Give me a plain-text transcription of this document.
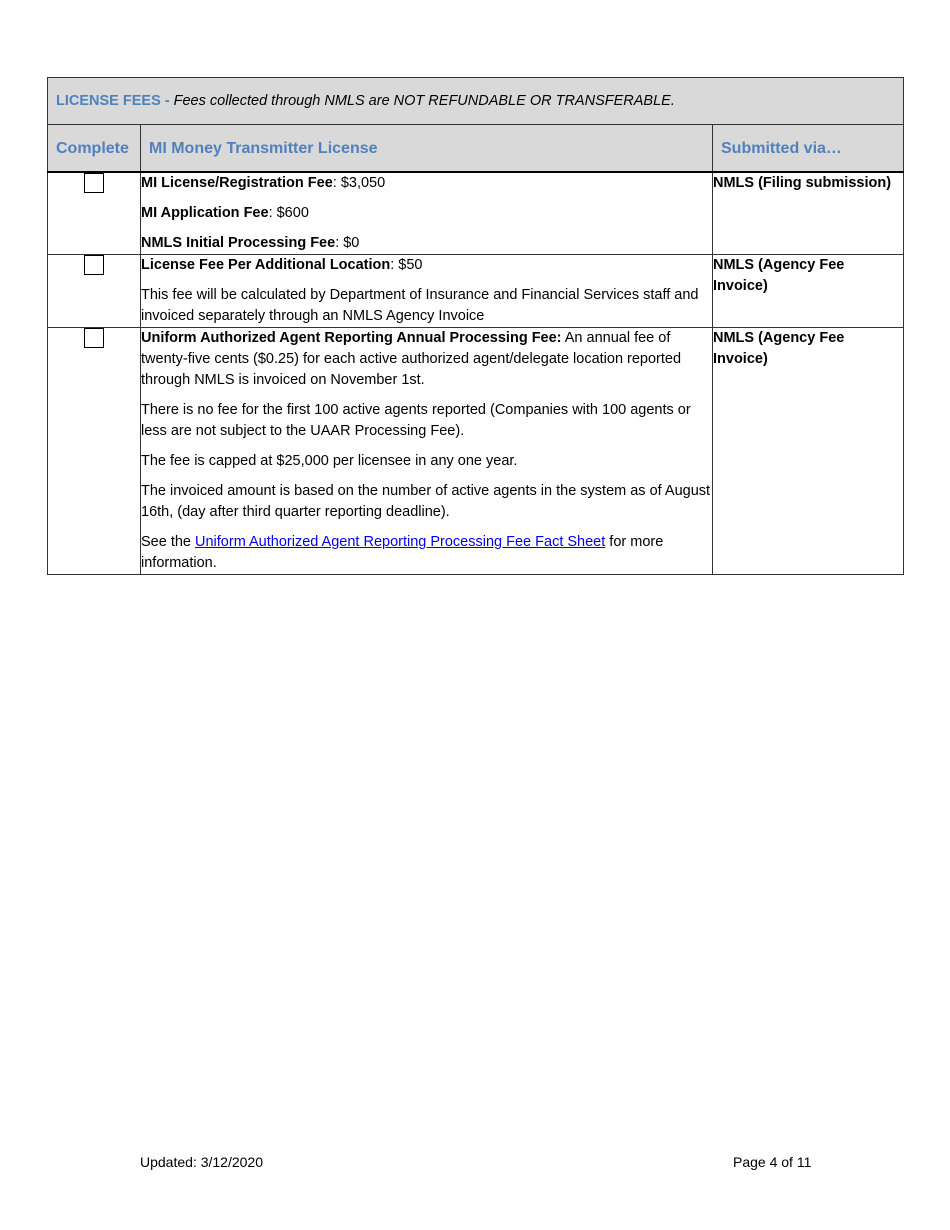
LICENSE FEES - Fees collected through NMLS are NOT REFUNDABLE OR TRANSFERABLE.		
Complete	MI Money Transmitter License	Submitted via…

	MI License/Registration Fee: $3,050

MI Application Fee: $600

NMLS Initial Processing Fee: $0	NMLS (Filing submission)

	License Fee Per Additional Location: $50

This fee will be calculated by Department of Insurance and Financial Services staff and invoiced separately through an NMLS Agency Invoice	NMLS (Agency Fee Invoice)

	Uniform Authorized Agent Reporting Annual Processing Fee: An annual fee of twenty-five cents ($0.25) for each active authorized agent/delegate location reported through NMLS is invoiced on November 1st.

There is no fee for the first 100 active agents reported (Companies with 100 agents or less are not subject to the UAAR Processing Fee).

The fee is capped at $25,000 per licensee in any one year.

The invoiced amount is based on the number of active agents in the system as of August 16th, (day after third quarter reporting deadline).

See the Uniform Authorized Agent Reporting Processing Fee Fact Sheet for more information.	NMLS (Agency Fee Invoice)
Updated: 3/12/2020	Page 4 of 11
